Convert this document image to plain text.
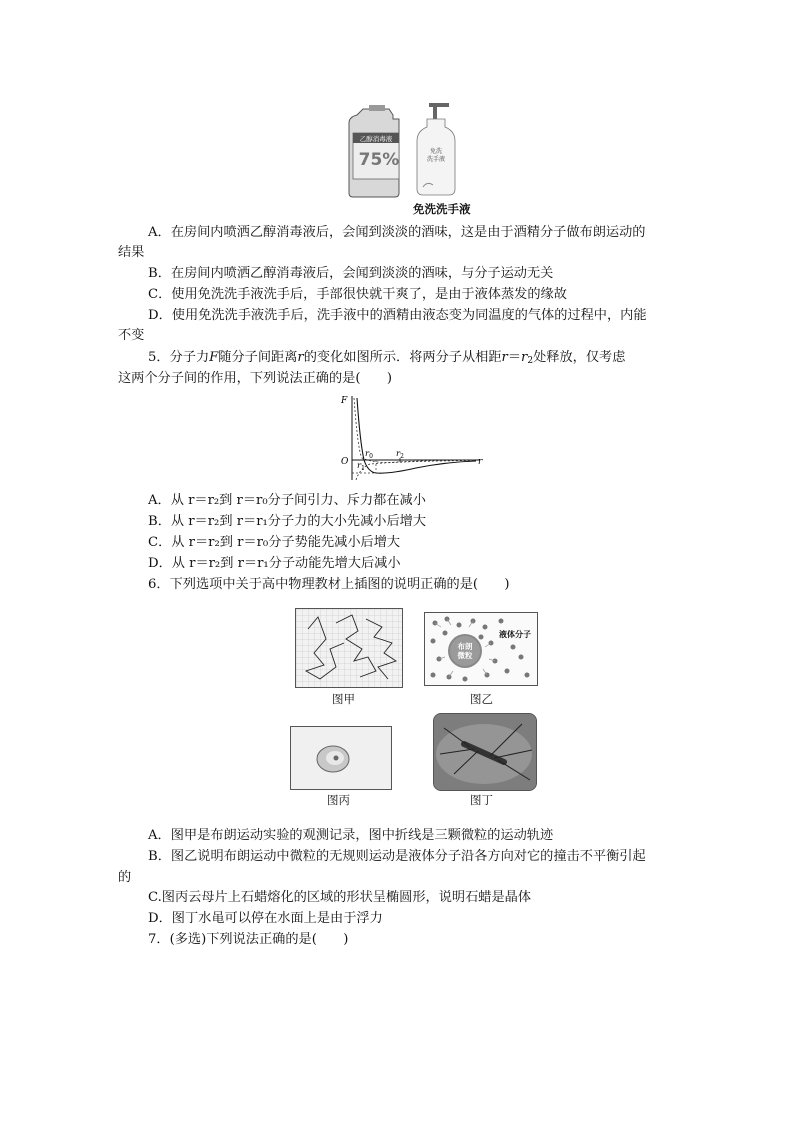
乙醇消毒液
75%	免洗
洗手液
免洗洗手液
A．在房间内喷洒乙醇消毒液后，会闻到淡淡的酒味，这是由于酒精分子做布朗运动的
结果
B．在房间内喷洒乙醇消毒液后，会闻到淡淡的酒味，与分子运动无关
C．使用免洗洗手液洗手后，手部很快就干爽了，是由于液体蒸发的缘故
D．使用免洗洗手液洗手后，洗手液中的酒精由液态变为同温度的气体的过程中，内能
不变
5．分子力F随分子间距离r的变化如图所示．将两分子从相距$r=r_2$处释放，仅考虑
这两个分子间的作用，下列说法正确的是(　　)
F
O	r
$r_0$
$r_1$
$r_2$
A．从 r＝r₂到 r＝r₀分子间引力、斥力都在减小
B．从 r＝r₂到 r＝r₁分子力的大小先减小后增大
C．从 r＝r₂到 r＝r₀分子势能先减小后增大
D．从 r＝r₂到 r＝r₁分子动能先增大后减小
6．下列选项中关于高中物理教材上插图的说明正确的是(　　)
图甲
布朗
微粒
液体分子
图乙
图丙	图丁
A．图甲是布朗运动实验的观测记录，图中折线是三颗微粒的运动轨迹
B．图乙说明布朗运动中微粒的无规则运动是液体分子沿各方向对它的撞击不平衡引起
的
C.图丙云母片上石蜡熔化的区域的形状呈椭圆形，说明石蜡是晶体
D．图丁水黾可以停在水面上是由于浮力
7．(多选)下列说法正确的是(　　)
